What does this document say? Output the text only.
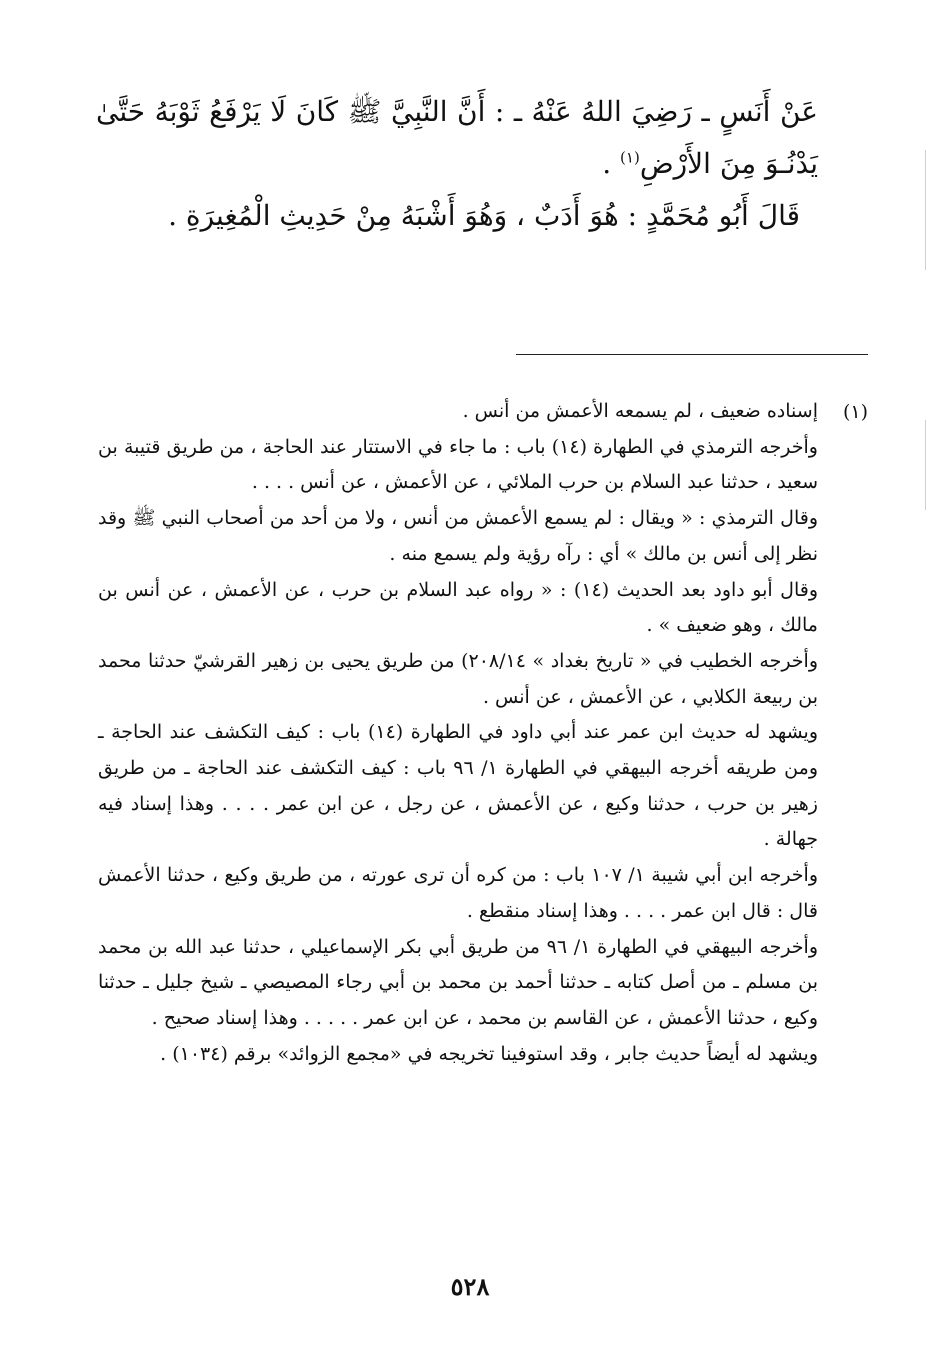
عَنْ أَنَسٍ ـ رَضِيَ اللهُ عَنْهُ ـ : أَنَّ النَّبِيَّ ﷺ كَانَ لَا يَرْفَعُ ثَوْبَهُ حَتَّىٰ يَدْنُـوَ مِنَ الأَرْضِ$^{(١)}$ .

قَالَ أَبُو مُحَمَّدٍ : هُوَ أَدَبٌ ، وَهُوَ أَشْبَهُ مِنْ حَدِيثِ الْمُغِيرَةِ .

(١)

إسناده ضعيف ، لم يسمعه الأعمش من أنس .

وأخرجه الترمذي في الطهارة (١٤) باب : ما جاء في الاستتار عند الحاجة ، من طريق قتيبة بن سعيد ، حدثنا عبد السلام بن حرب الملائي ، عن الأعمش ، عن أنس . . . .

وقال الترمذي : « ويقال : لم يسمع الأعمش من أنس ، ولا من أحد من أصحاب النبي ﷺ وقد نظر إلى أنس بن مالك » أي : رآه رؤية ولم يسمع منه .

وقال أبو داود بعد الحديث (١٤) : « رواه عبد السلام بن حرب ، عن الأعمش ، عن أنس بن مالك ، وهو ضعيف » .

وأخرجه الخطيب في « تاريخ بغداد » ٢٠٨/١٤) من طريق يحيى بن زهير القرشيّ حدثنا محمد بن ربيعة الكلابي ، عن الأعمش ، عن أنس .

ويشهد له حديث ابن عمر عند أبي داود في الطهارة (١٤) باب : كيف التكشف عند الحاجة ـ ومن طريقه أخرجه البيهقي في الطهارة ١/ ٩٦ باب : كيف التكشف عند الحاجة ـ من طريق زهير بن حرب ، حدثنا وكيع ، عن الأعمش ، عن رجل ، عن ابن عمر . . . . وهذا إسناد فيه جهالة .

وأخرجه ابن أبي شيبة ١/ ١٠٧ باب : من كره أن ترى عورته ، من طريق وكيع ، حدثنا الأعمش قال : قال ابن عمر . . . . وهذا إسناد منقطع .

وأخرجه البيهقي في الطهارة ١/ ٩٦ من طريق أبي بكر الإسماعيلي ، حدثنا عبد الله بن محمد بن مسلم ـ من أصل كتابه ـ حدثنا أحمد بن محمد بن أبي رجاء المصيصي ـ شيخ جليل ـ حدثنا وكيع ، حدثنا الأعمش ، عن القاسم بن محمد ، عن ابن عمر . . . . . وهذا إسناد صحيح .

ويشهد له أيضاً حديث جابر ، وقد استوفينا تخريجه في «مجمع الزوائد» برقم (١٠٣٤) .

٥٢٨
